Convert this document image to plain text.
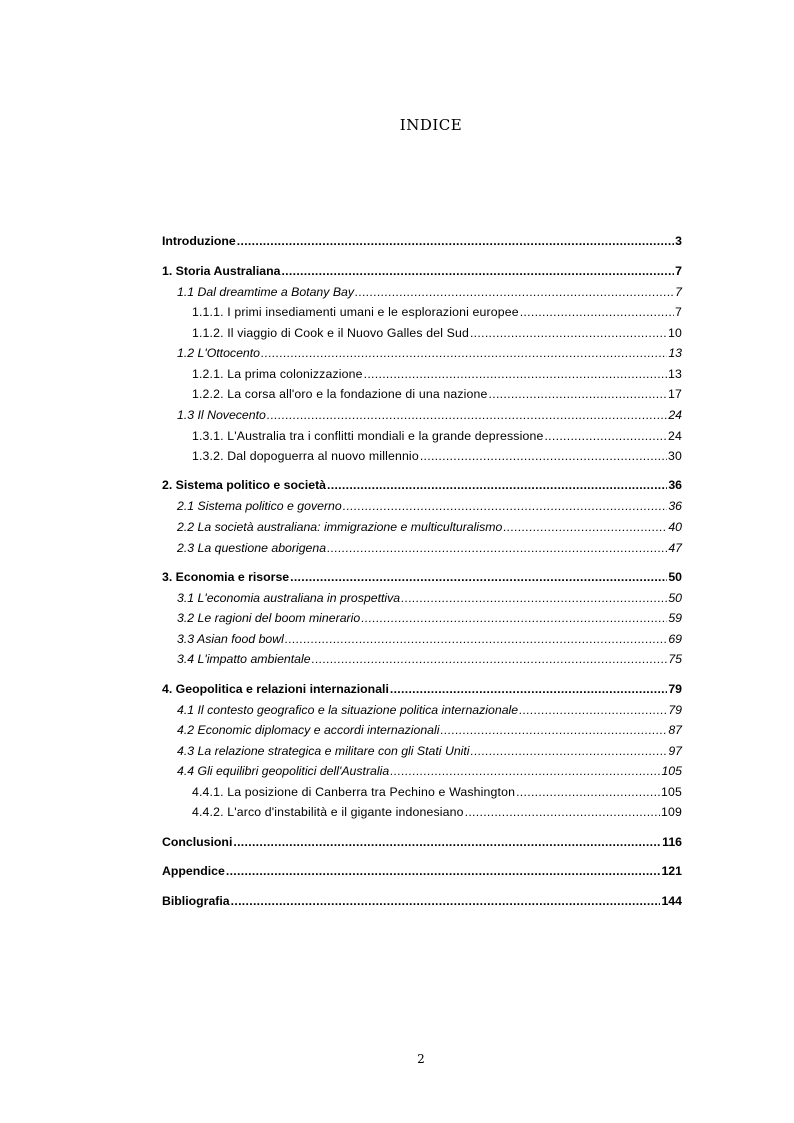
INDICE
Introduzione .....	3
1. Storia Australiana .....	7
1.1 Dal dreamtime a Botany Bay .....	7
1.1.1. I primi insediamenti umani e le esplorazioni europee .....	7
1.1.2. Il viaggio di Cook e il Nuovo Galles del Sud .....	10
1.2 L'Ottocento .....	13
1.2.1. La prima colonizzazione .....	13
1.2.2. La corsa all'oro e la fondazione di una nazione .....	17
1.3 Il Novecento .....	24
1.3.1. L'Australia tra i conflitti mondiali e la grande depressione .....	24
1.3.2. Dal dopoguerra al nuovo millennio .....	30
2. Sistema politico e società .....	36
2.1 Sistema politico e governo .....	36
2.2 La società australiana: immigrazione e multiculturalismo .....	40
2.3 La questione aborigena .....	47
3. Economia e risorse .....	50
3.1 L'economia australiana in prospettiva .....	50
3.2 Le ragioni del boom minerario .....	59
3.3 Asian food bowl .....	69
3.4 L'impatto ambientale .....	75
4. Geopolitica e relazioni internazionali .....	79
4.1 Il contesto geografico e la situazione politica internazionale .....	79
4.2 Economic diplomacy e accordi internazionali .....	87
4.3 La relazione strategica e militare con gli Stati Uniti .....	97
4.4 Gli equilibri geopolitici dell'Australia .....	105
4.4.1. La posizione di Canberra tra Pechino e Washington .....	105
4.4.2. L'arco d'instabilità e il gigante indonesiano .....	109
Conclusioni .....	116
Appendice .....	121
Bibliografia .....	144
2
